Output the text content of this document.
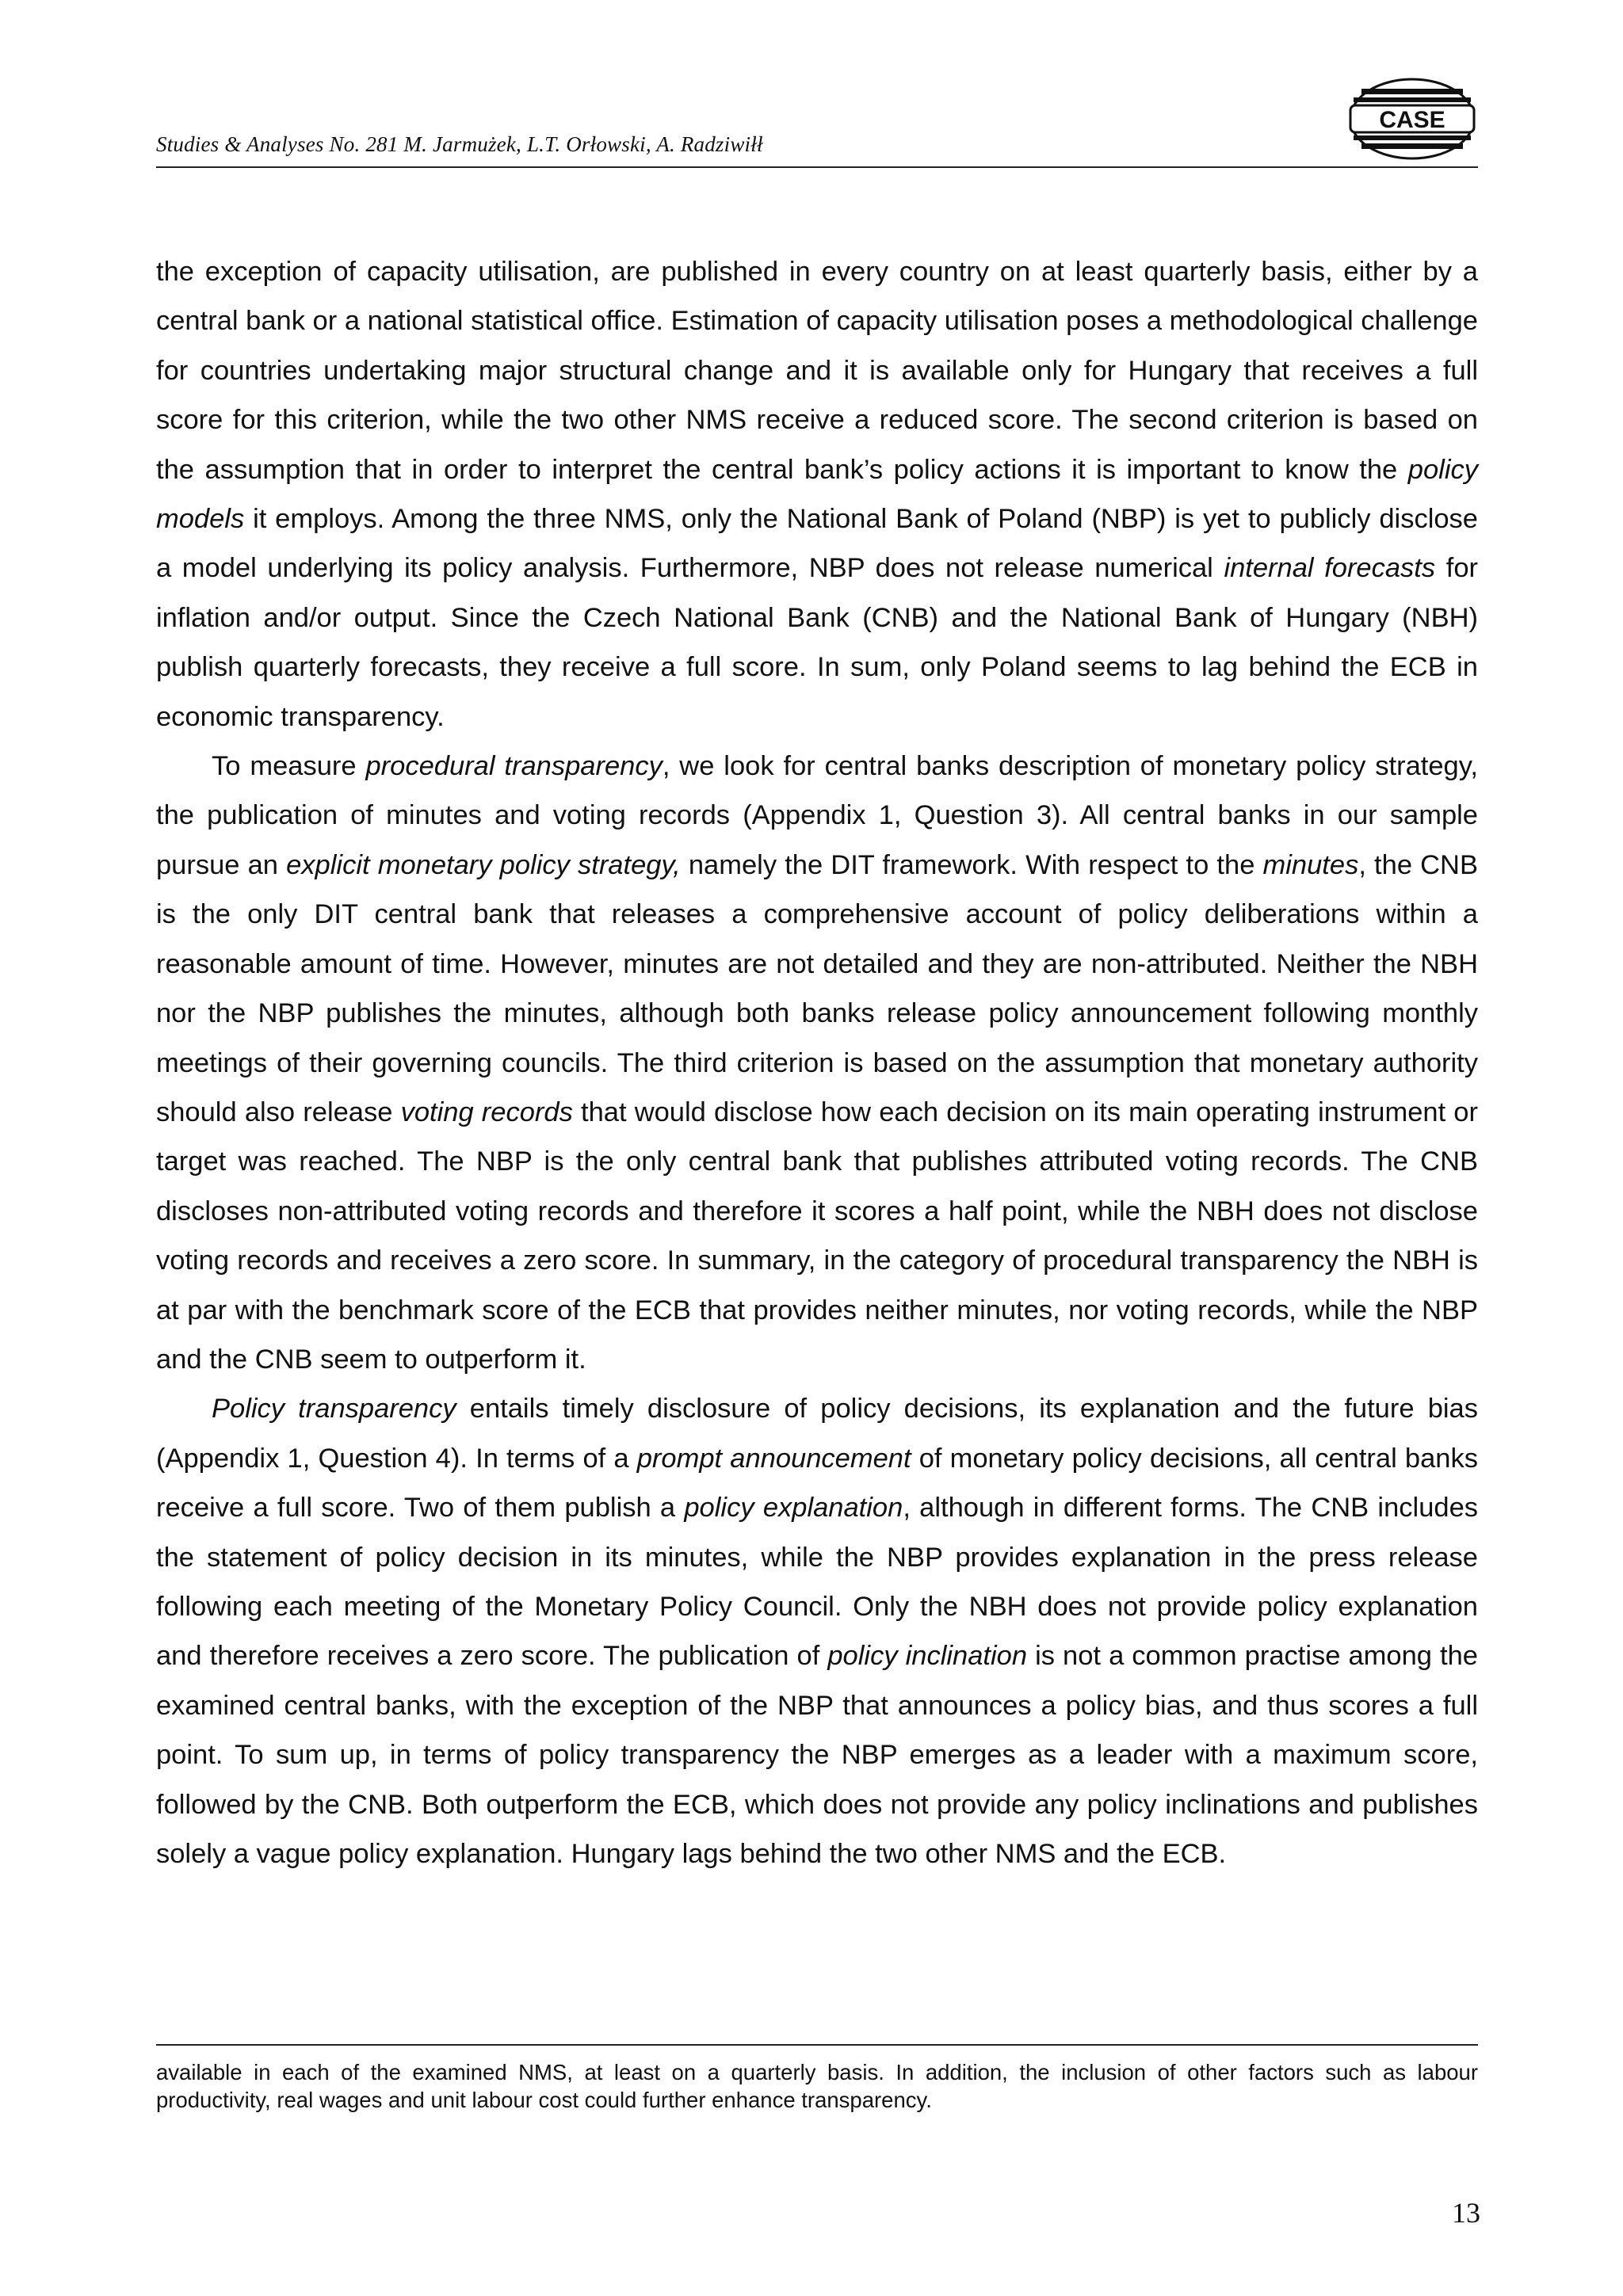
Studies & Analyses No. 281 M. Jarmużek, L.T. Orłowski, A. Radziwiłł
CASE

the exception of capacity utilisation, are published in every country on at least quarterly basis, either by a central bank or a national statistical office. Estimation of capacity utilisation poses a methodological challenge for countries undertaking major structural change and it is available only for Hungary that receives a full score for this criterion, while the two other NMS receive a reduced score. The second criterion is based on the assumption that in order to interpret the central bank’s policy actions it is important to know the policy models it employs. Among the three NMS, only the National Bank of Poland (NBP) is yet to publicly disclose a model underlying its policy analysis. Furthermore, NBP does not release numerical internal forecasts for inflation and/or output. Since the Czech National Bank (CNB) and the National Bank of Hungary (NBH) publish quarterly forecasts, they receive a full score. In sum, only Poland seems to lag behind the ECB in economic transparency.

To measure procedural transparency, we look for central banks description of monetary policy strategy, the publication of minutes and voting records (Appendix 1, Question 3). All central banks in our sample pursue an explicit monetary policy strategy, namely the DIT framework. With respect to the minutes, the CNB is the only DIT central bank that releases a comprehensive account of policy deliberations within a reasonable amount of time. However, minutes are not detailed and they are non-attributed. Neither the NBH nor the NBP publishes the minutes, although both banks release policy announcement following monthly meetings of their governing councils. The third criterion is based on the assumption that monetary authority should also release voting records that would disclose how each decision on its main operating instrument or target was reached. The NBP is the only central bank that publishes attributed voting records. The CNB discloses non-attributed voting records and therefore it scores a half point, while the NBH does not disclose voting records and receives a zero score. In summary, in the category of procedural transparency the NBH is at par with the benchmark score of the ECB that provides neither minutes, nor voting records, while the NBP and the CNB seem to outperform it.

Policy transparency entails timely disclosure of policy decisions, its explanation and the future bias (Appendix 1, Question 4). In terms of a prompt announcement of monetary policy decisions, all central banks receive a full score. Two of them publish a policy explanation, although in different forms. The CNB includes the statement of policy decision in its minutes, while the NBP provides explanation in the press release following each meeting of the Monetary Policy Council. Only the NBH does not provide policy explanation and therefore receives a zero score. The publication of policy inclination is not a common practise among the examined central banks, with the exception of the NBP that announces a policy bias, and thus scores a full point. To sum up, in terms of policy transparency the NBP emerges as a leader with a maximum score, followed by the CNB. Both outperform the ECB, which does not provide any policy inclinations and publishes solely a vague policy explanation. Hungary lags behind the two other NMS and the ECB.

available in each of the examined NMS, at least on a quarterly basis. In addition, the inclusion of other factors such as labour productivity, real wages and unit labour cost could further enhance transparency.
13
